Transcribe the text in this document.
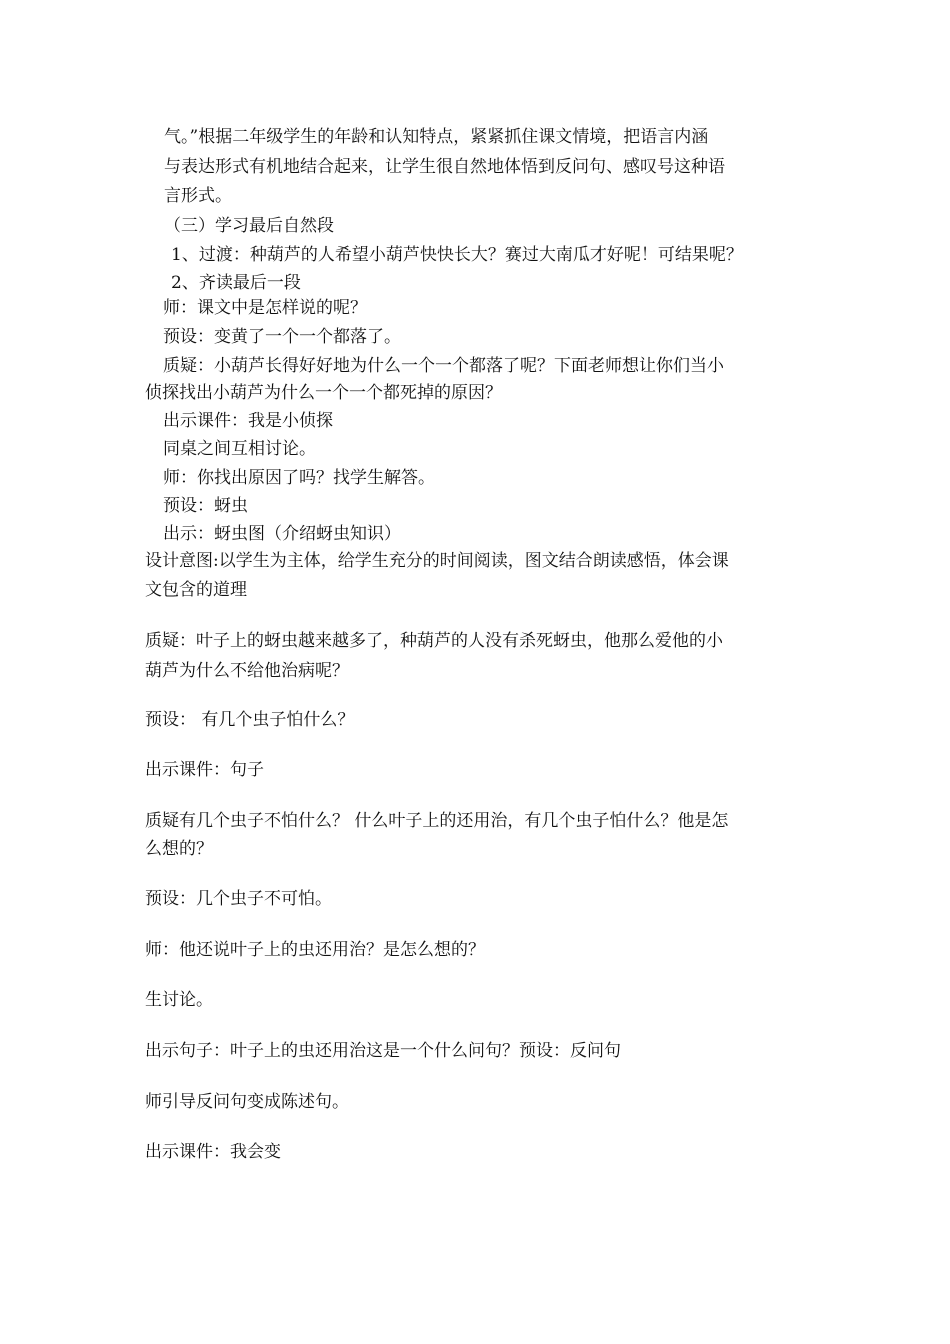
气。”根据二年级学生的年龄和认知特点，紧紧抓住课文情境，把语言内涵
与表达形式有机地结合起来，让学生很自然地体悟到反问句、感叹号这种语
言形式。
（三）学习最后自然段
1、过渡：种葫芦的人希望小葫芦快快长大？赛过大南瓜才好呢！可结果呢？
2、齐读最后一段
师：课文中是怎样说的呢？
预设：变黄了一个一个都落了。
质疑：小葫芦长得好好地为什么一个一个都落了呢？下面老师想让你们当小
侦探找出小葫芦为什么一个一个都死掉的原因？
出示课件：我是小侦探
同桌之间互相讨论。
师：你找出原因了吗？找学生解答。
预设：蚜虫
出示：蚜虫图（介绍蚜虫知识）
设计意图:以学生为主体，给学生充分的时间阅读，图文结合朗读感悟，体会课
文包含的道理
质疑：叶子上的蚜虫越来越多了，种葫芦的人没有杀死蚜虫，他那么爱他的小
葫芦为什么不给他治病呢？
预设： 有几个虫子怕什么？
出示课件：句子
质疑有几个虫子不怕什么？ 什么叶子上的还用治，有几个虫子怕什么？他是怎
么想的？
预设：几个虫子不可怕。
师：他还说叶子上的虫还用治？是怎么想的？
生讨论。
出示句子：叶子上的虫还用治这是一个什么问句？预设：反问句
师引导反问句变成陈述句。
出示课件：我会变
